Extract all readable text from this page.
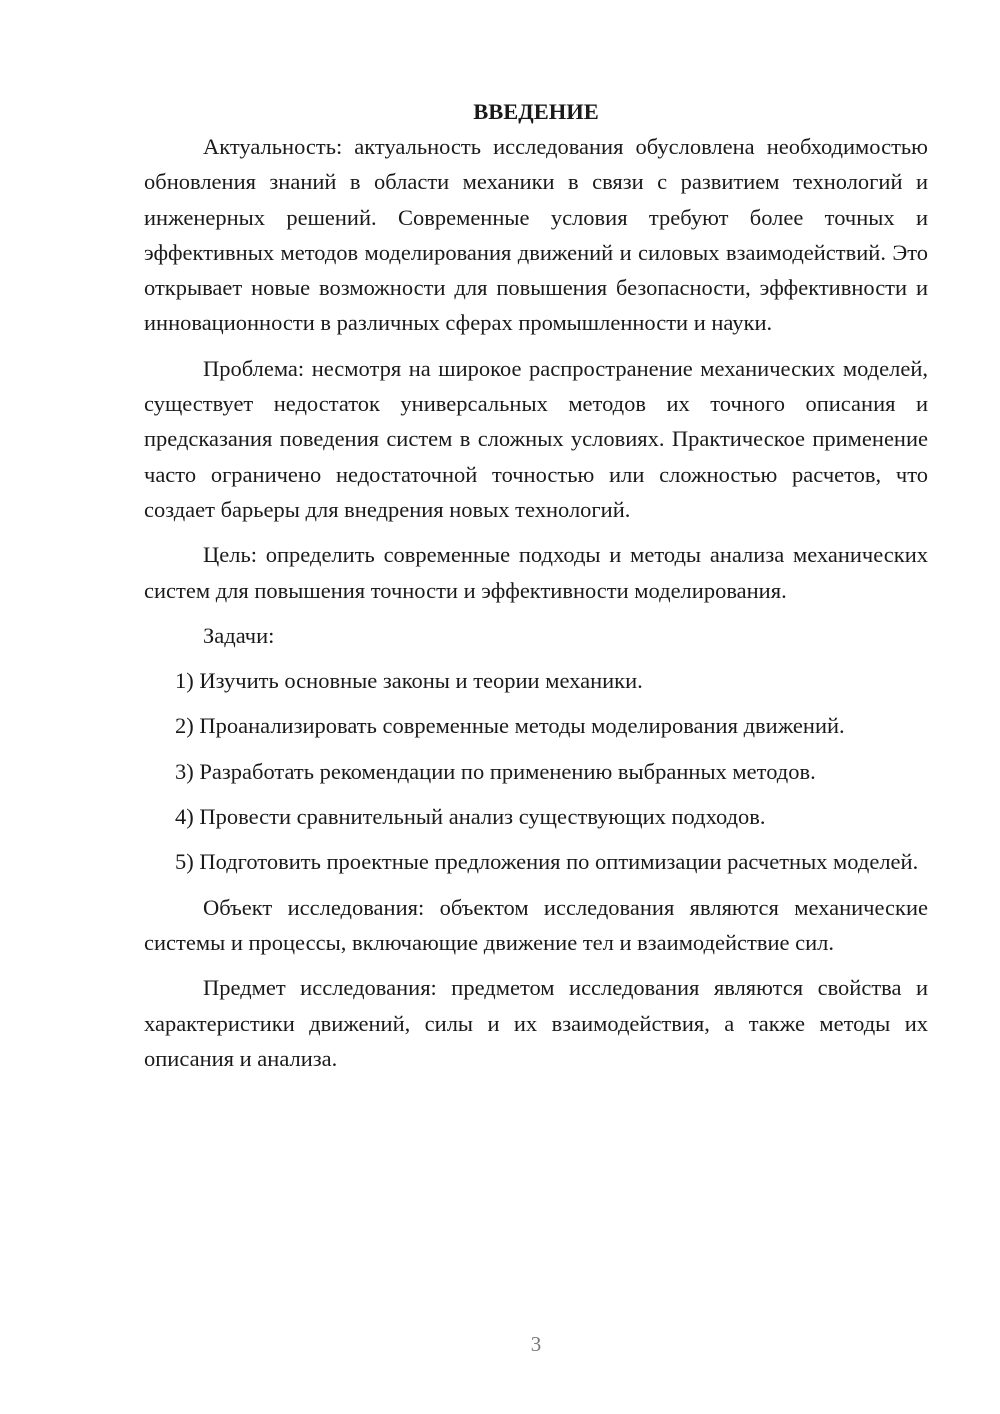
ВВЕДЕНИЕ

Актуальность: актуальность исследования обусловлена необходимостью обновления знаний в области механики в связи с развитием технологий и инженерных решений. Современные условия требуют более точных и эффективных методов моделирования движений и силовых взаимодействий. Это открывает новые возможности для повышения безопасности, эффективности и инновационности в различных сферах промышленности и науки.

Проблема: несмотря на широкое распространение механических моделей, существует недостаток универсальных методов их точного описания и предсказания поведения систем в сложных условиях. Практическое применение часто ограничено недостаточной точностью или сложностью расчетов, что создает барьеры для внедрения новых технологий.

Цель: определить современные подходы и методы анализа механических систем для повышения точности и эффективности моделирования.

Задачи:

1) Изучить основные законы и теории механики.

2) Проанализировать современные методы моделирования движений.

3) Разработать рекомендации по применению выбранных методов.

4) Провести сравнительный анализ существующих подходов.

5) Подготовить проектные предложения по оптимизации расчетных моделей.

Объект исследования: объектом исследования являются механические системы и процессы, включающие движение тел и взаимодействие сил.

Предмет исследования: предметом исследования являются свойства и характеристики движений, силы и их взаимодействия, а также методы их описания и анализа.

3
